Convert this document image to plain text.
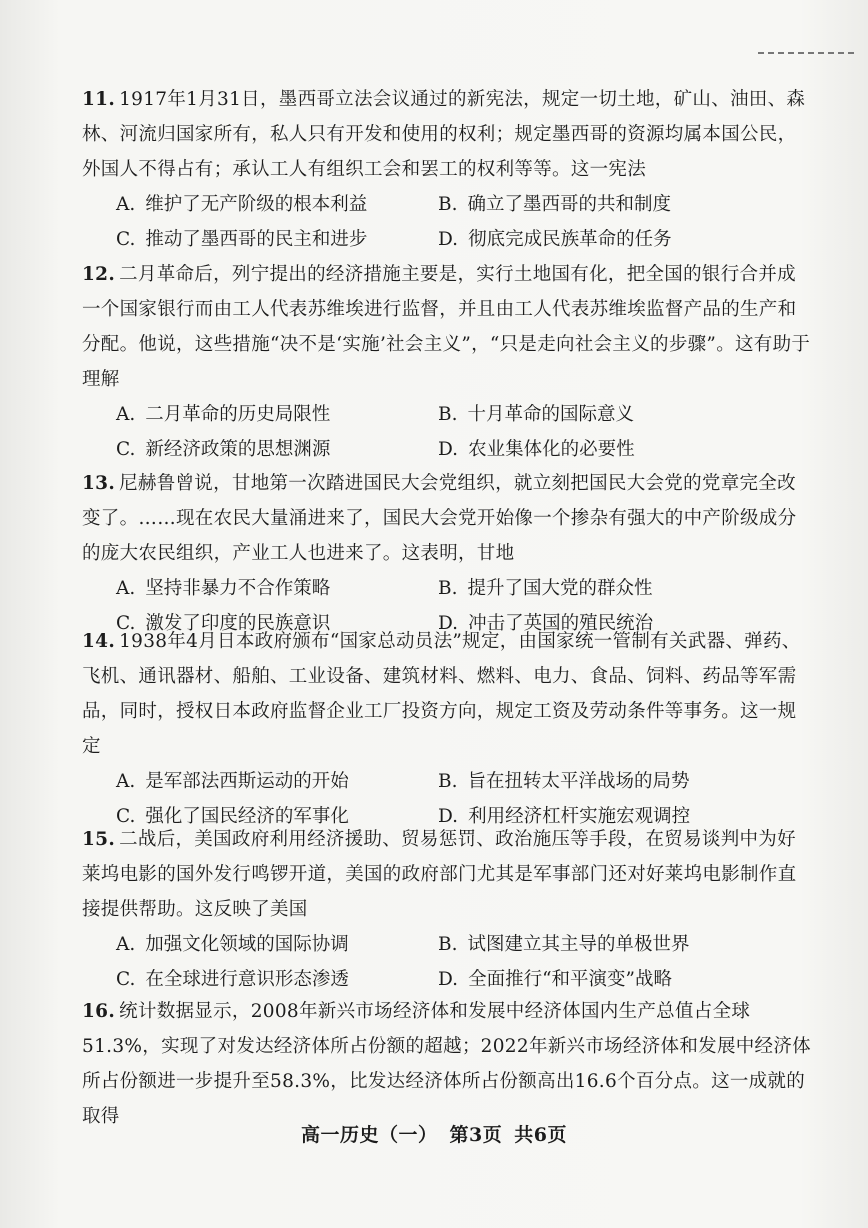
11. 1917年1月31日，墨西哥立法会议通过的新宪法，规定一切土地，矿山、油田、森林、河流归国家所有，私人只有开发和使用的权利；规定墨西哥的资源均属本国公民，外国人不得占有；承认工人有组织工会和罢工的权利等等。这一宪法

A. 维护了无产阶级的根本利益	B. 确立了墨西哥的共和制度
C. 推动了墨西哥的民主和进步	D. 彻底完成民族革命的任务

12. 二月革命后，列宁提出的经济措施主要是，实行土地国有化，把全国的银行合并成一个国家银行而由工人代表苏维埃进行监督，并且由工人代表苏维埃监督产品的生产和分配。他说，这些措施“决不是‘实施’社会主义”，“只是走向社会主义的步骤”。这有助于理解

A. 二月革命的历史局限性	B. 十月革命的国际意义
C. 新经济政策的思想渊源	D. 农业集体化的必要性

13. 尼赫鲁曾说，甘地第一次踏进国民大会党组织，就立刻把国民大会党的党章完全改变了。……现在农民大量涌进来了，国民大会党开始像一个掺杂有强大的中产阶级成分的庞大农民组织，产业工人也进来了。这表明，甘地

A. 坚持非暴力不合作策略	B. 提升了国大党的群众性
C. 激发了印度的民族意识	D. 冲击了英国的殖民统治

14. 1938年4月日本政府颁布“国家总动员法”规定，由国家统一管制有关武器、弹药、飞机、通讯器材、船舶、工业设备、建筑材料、燃料、电力、食品、饲料、药品等军需品，同时，授权日本政府监督企业工厂投资方向，规定工资及劳动条件等事务。这一规定

A. 是军部法西斯运动的开始	B. 旨在扭转太平洋战场的局势
C. 强化了国民经济的军事化	D. 利用经济杠杆实施宏观调控

15. 二战后，美国政府利用经济援助、贸易惩罚、政治施压等手段，在贸易谈判中为好莱坞电影的国外发行鸣锣开道，美国的政府部门尤其是军事部门还对好莱坞电影制作直接提供帮助。这反映了美国

A. 加强文化领域的国际协调	B. 试图建立其主导的单极世界
C. 在全球进行意识形态渗透	D. 全面推行“和平演变”战略

16. 统计数据显示，2008年新兴市场经济体和发展中经济体国内生产总值占全球51.3%，实现了对发达经济体所占份额的超越；2022年新兴市场经济体和发展中经济体所占份额进一步提升至58.3%，比发达经济体所占份额高出16.6个百分点。这一成就的取得

高一历史（一） 第3页 共6页
